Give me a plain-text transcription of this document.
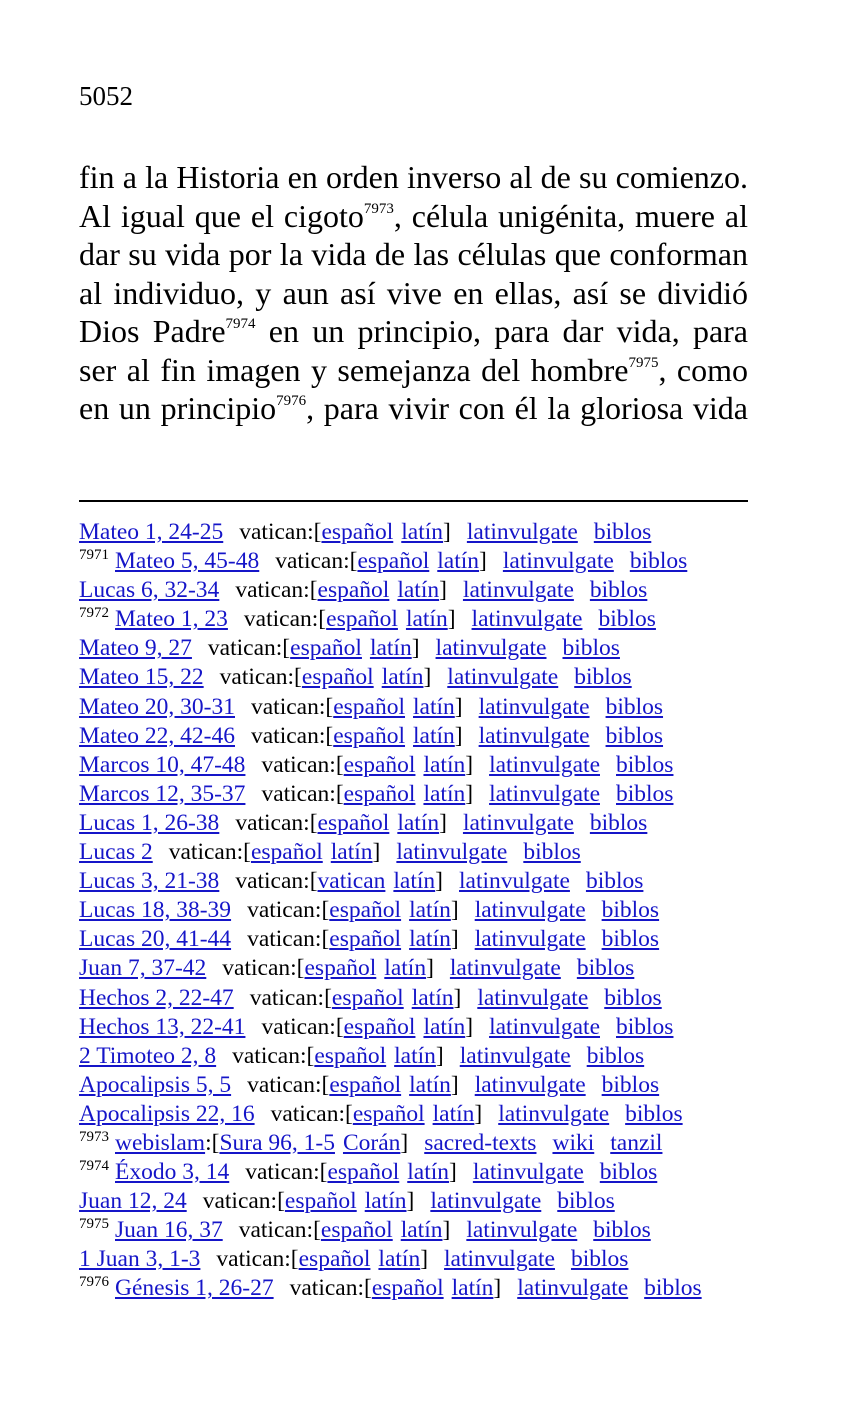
5052

fin a la Historia en orden inverso al de su comienzo. Al igual que el cigoto$^{7973}$, célula unigénita, muere al dar su vida por la vida de las células que conforman al individuo, y aun así vive en ellas, así se dividió Dios Padre$^{7974}$ en un principio, para dar vida, para ser al fin imagen y semejanza del hombre$^{7975}$, como en un principio$^{7976}$, para vivir con él la gloriosa vida

Mateo 1, 24-25 vatican:[español latín] latinvulgate biblos
$^{7971}$ Mateo 5, 45-48 vatican:[español latín] latinvulgate biblos
Lucas 6, 32-34 vatican:[español latín] latinvulgate biblos
$^{7972}$ Mateo 1, 23 vatican:[español latín] latinvulgate biblos
Mateo 9, 27 vatican:[español latín] latinvulgate biblos
Mateo 15, 22 vatican:[español latín] latinvulgate biblos
Mateo 20, 30-31 vatican:[español latín] latinvulgate biblos
Mateo 22, 42-46 vatican:[español latín] latinvulgate biblos
Marcos 10, 47-48 vatican:[español latín] latinvulgate biblos
Marcos 12, 35-37 vatican:[español latín] latinvulgate biblos
Lucas 1, 26-38 vatican:[español latín] latinvulgate biblos
Lucas 2 vatican:[español latín] latinvulgate biblos
Lucas 3, 21-38 vatican:[vatican latín] latinvulgate biblos
Lucas 18, 38-39 vatican:[español latín] latinvulgate biblos
Lucas 20, 41-44 vatican:[español latín] latinvulgate biblos
Juan 7, 37-42 vatican:[español latín] latinvulgate biblos
Hechos 2, 22-47 vatican:[español latín] latinvulgate biblos
Hechos 13, 22-41 vatican:[español latín] latinvulgate biblos
2 Timoteo 2, 8 vatican:[español latín] latinvulgate biblos
Apocalipsis 5, 5 vatican:[español latín] latinvulgate biblos
Apocalipsis 22, 16 vatican:[español latín] latinvulgate biblos
$^{7973}$ webislam:[Sura 96, 1-5 Corán] sacred-texts wiki tanzil
$^{7974}$ Éxodo 3, 14 vatican:[español latín] latinvulgate biblos
Juan 12, 24 vatican:[español latín] latinvulgate biblos
$^{7975}$ Juan 16, 37 vatican:[español latín] latinvulgate biblos
1 Juan 3, 1-3 vatican:[español latín] latinvulgate biblos
$^{7976}$ Génesis 1, 26-27 vatican:[español latín] latinvulgate biblos
